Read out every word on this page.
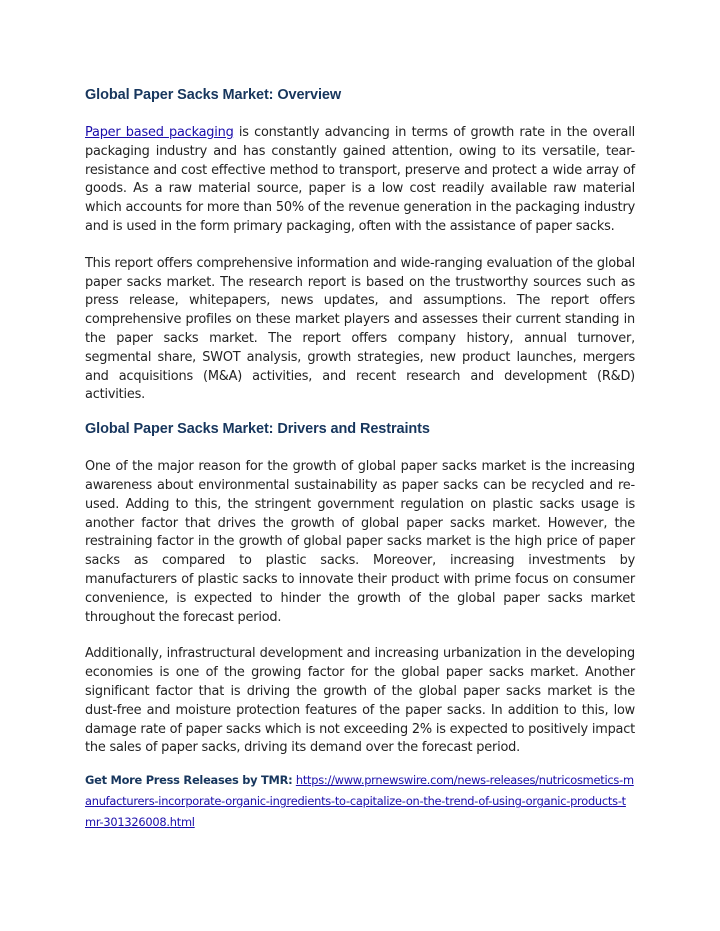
Global Paper Sacks Market: Overview

Paper based packaging is constantly advancing in terms of growth rate in the overall packaging industry and has constantly gained attention, owing to its versatile, tear-resistance and cost effective method to transport, preserve and protect a wide array of goods. As a raw material source, paper is a low cost readily available raw material which accounts for more than 50% of the revenue generation in the packaging industry and is used in the form primary packaging, often with the assistance of paper sacks.

This report offers comprehensive information and wide-ranging evaluation of the global paper sacks market. The research report is based on the trustworthy sources such as press release, whitepapers, news updates, and assumptions. The report offers comprehensive profiles on these market players and assesses their current standing in the paper sacks market. The report offers company history, annual turnover, segmental share, SWOT analysis, growth strategies, new product launches, mergers and acquisitions (M&A) activities, and recent research and development (R&D) activities.

Global Paper Sacks Market: Drivers and Restraints

One of the major reason for the growth of global paper sacks market is the increasing awareness about environmental sustainability as paper sacks can be recycled and re-used. Adding to this, the stringent government regulation on plastic sacks usage is another factor that drives the growth of global paper sacks market. However, the restraining factor in the growth of global paper sacks market is the high price of paper sacks as compared to plastic sacks. Moreover, increasing investments by manufacturers of plastic sacks to innovate their product with prime focus on consumer convenience, is expected to hinder the growth of the global paper sacks market throughout the forecast period.

Additionally, infrastructural development and increasing urbanization in the developing economies is one of the growing factor for the global paper sacks market. Another significant factor that is driving the growth of the global paper sacks market is the dust-free and moisture protection features of the paper sacks. In addition to this, low damage rate of paper sacks which is not exceeding 2% is expected to positively impact the sales of paper sacks, driving its demand over the forecast period.

Get More Press Releases by TMR: https://www.prnewswire.com/news-releases/nutricosmetics-manufacturers-incorporate-organic-ingredients-to-capitalize-on-the-trend-of-using-organic-products-tmr-301326008.html
